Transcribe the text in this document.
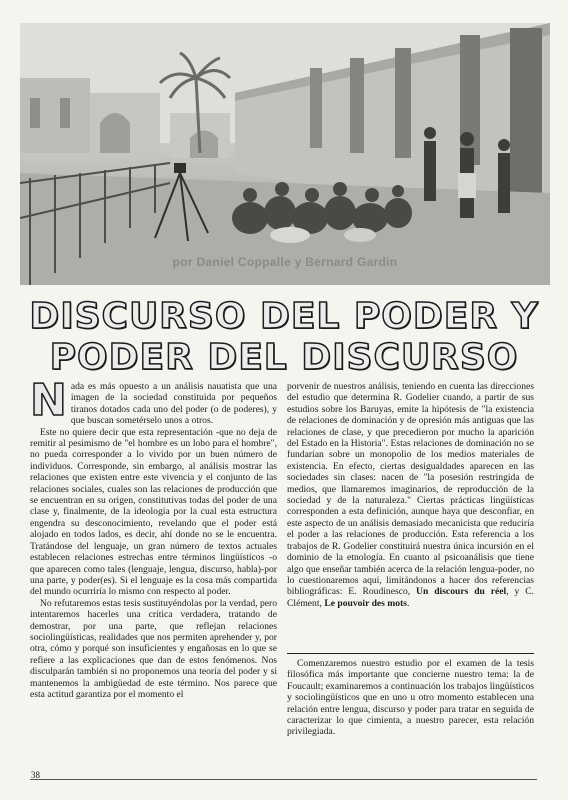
por Daniel Coppalle y Bernard Gardin
DISCURSO DEL PODER Y
PODER DEL DISCURSO

Nada es más opuesto a un análisis nauatista que una imagen de la sociedad constituida por pequeños tiranos dotados cada uno del poder (o de poderes), y que buscan sometérselo unos a otros.

Este no quiere decir que esta representación -que no deja de remitir al pesimismo de "el hombre es un lobo para el hombre", no pueda corresponder a lo vivido por un buen número de individuos. Corresponde, sin embargo, al análisis mostrar las relaciones que existen entre este vivencia y el conjunto de las relaciones sociales, cuales son las relaciones de producción que se encuentran en su origen, constitutivas todas del poder de una clase y, finalmente, de la ideología por la cual esta estructura engendra su desconocimiento, revelando que el poder está alojado en todos lados, es decir, ahí donde no se le encuentra. Tratándose del lenguaje, un gran número de textos actuales establecen relaciones estrechas entre términos lingüísticos -o que aparecen como tales (lenguaje, lengua, discurso, habla)-por una parte, y poder(es). Si el lenguaje es la cosa más compartida del mundo ocurriría lo mismo con respecto al poder.

No refutaremos estas tesis sustituyéndolas por la verdad, pero intentaremos hacerles una crítica verdadera, tratando de demostrar, por una parte, que reflejan relaciones sociolingüísticas, realidades que nos permiten aprehender y, por otra, cómo y porqué son insuficientes y engañosas en lo que se refiere a las explicaciones que dan de estos fenómenos. Nos disculparán también si no proponemos una teoría del poder y si mantenemos la ambigüedad de este término. Nos parece que esta actitud garantiza por el momento el

porvenir de nuestros análisis, teniendo en cuenta las direcciones del estudio que determina R. Godelier cuando, a partir de sus estudios sobre los Baruyas, emite la hipótesis de "la existencia de relaciones de dominación y de opresión más antiguas que las relaciones de clase, y que precedieron por mucho la aparición del Estado en la Historia". Estas relaciones de dominación no se fundarían sobre un monopolio de los medios materiales de existencia. En efecto, ciertas desigualdades aparecen en las sociedades sin clases: nacen de "la posesión restringida de medios, que llamaremos imaginarios, de reproducción de la sociedad y de la naturaleza." Ciertas prácticas lingüísticas corresponden a esta definición, aunque haya que desconfiar, en este aspecto de un análisis demasiado mecanicista que reduciría el poder a las relaciones de producción. Esta referencia a los trabajos de R. Godelier constituirá nuestra única incursión en el dominio de la etnología. En cuanto al psicoanálisis que tiene algo que enseñar también acerca de la relación lengua-poder, no lo cuestionaremos aquí, limitándonos a hacer dos referencias bibliográficas: E. Roudinesco, Un discours du réel, y C. Clément, Le pouvoir des mots.

Comenzaremos nuestro estudio por el examen de la tesis filosófica más importante que concierne nuestro tema: la de Foucault; examinaremos a continuación los trabajos lingüísticos y sociolingüísticos que en uno u otro momento establecen una relación entre lengua, discurso y poder para tratar en seguida de caracterizar lo que cimienta, a nuestro parecer, esta relación privilegiada.

38
